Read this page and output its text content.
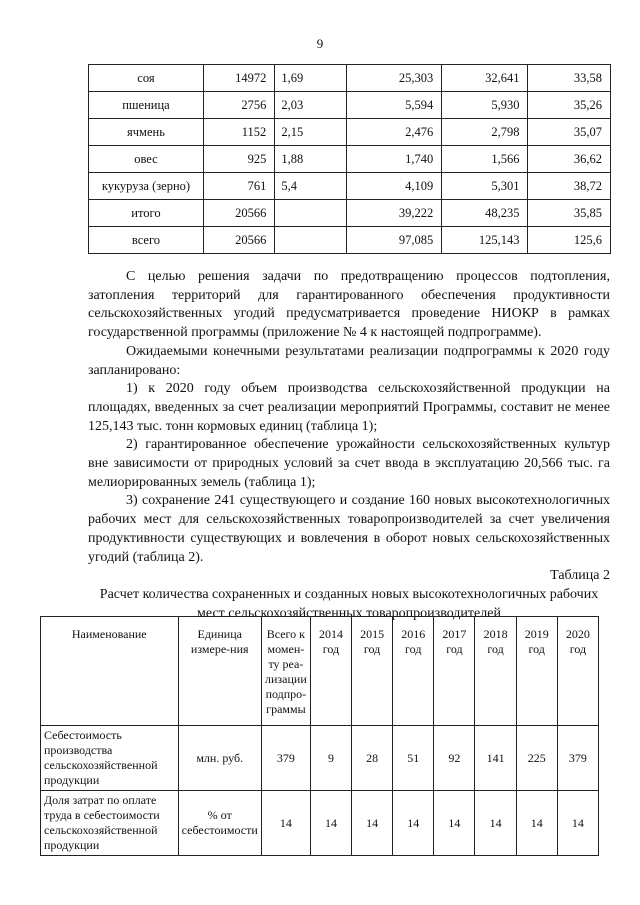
9
соя	14972	1,69	25,303	32,641	33,58
пшеница	2756	2,03	5,594	5,930	35,26
ячмень	1152	2,15	2,476	2,798	35,07
овес	925	1,88	1,740	1,566	36,62
кукуруза (зерно)	761	5,4	4,109	5,301	38,72
итого	20566		39,222	48,235	35,85
всего	20566		97,085	125,143	125,6

С целью решения задачи по предотвращению процессов подтопления, затопления территорий для гарантированного обеспечения продуктивности сельскохозяйственных угодий предусматривается проведение НИОКР в рамках государственной программы (приложение № 4 к настоящей подпрограмме).

Ожидаемыми конечными результатами реализации подпрограммы к 2020 году запланировано:

1) к 2020 году объем производства сельскохозяйственной продукции на площадях, введенных за счет реализации мероприятий Программы, составит не менее 125,143 тыс. тонн кормовых единиц (таблица 1);

2) гарантированное обеспечение урожайности сельскохозяйственных культур вне зависимости от природных условий за счет ввода в эксплуатацию 20,566 тыс. га мелиорированных земель (таблица 1);

3) сохранение 241 существующего и создание 160 новых высокотехнологичных рабочих мест для сельскохозяйственных товаропроизводителей за счет увеличения продуктивности существующих и вовлечения в оборот новых сельскохозяйственных угодий (таблица 2).

Таблица 2

Расчет количества сохраненных и созданных новых высокотехнологичных рабочих мест сельскохозяйственных товаропроизводителей

Наименование	Единица измере-ния	Всего к момен-ту реа-лизации подпро-граммы	2014 год	2015 год	2016 год	2017 год	2018 год	2019 год	2020 год
Себестоимость производства сельскохозяйственной продукции	млн. руб.	379	9	28	51	92	141	225	379
Доля затрат по оплате труда в себестоимости сельскохозяйственной продукции	% от себестоимости	14	14	14	14	14	14	14	14
